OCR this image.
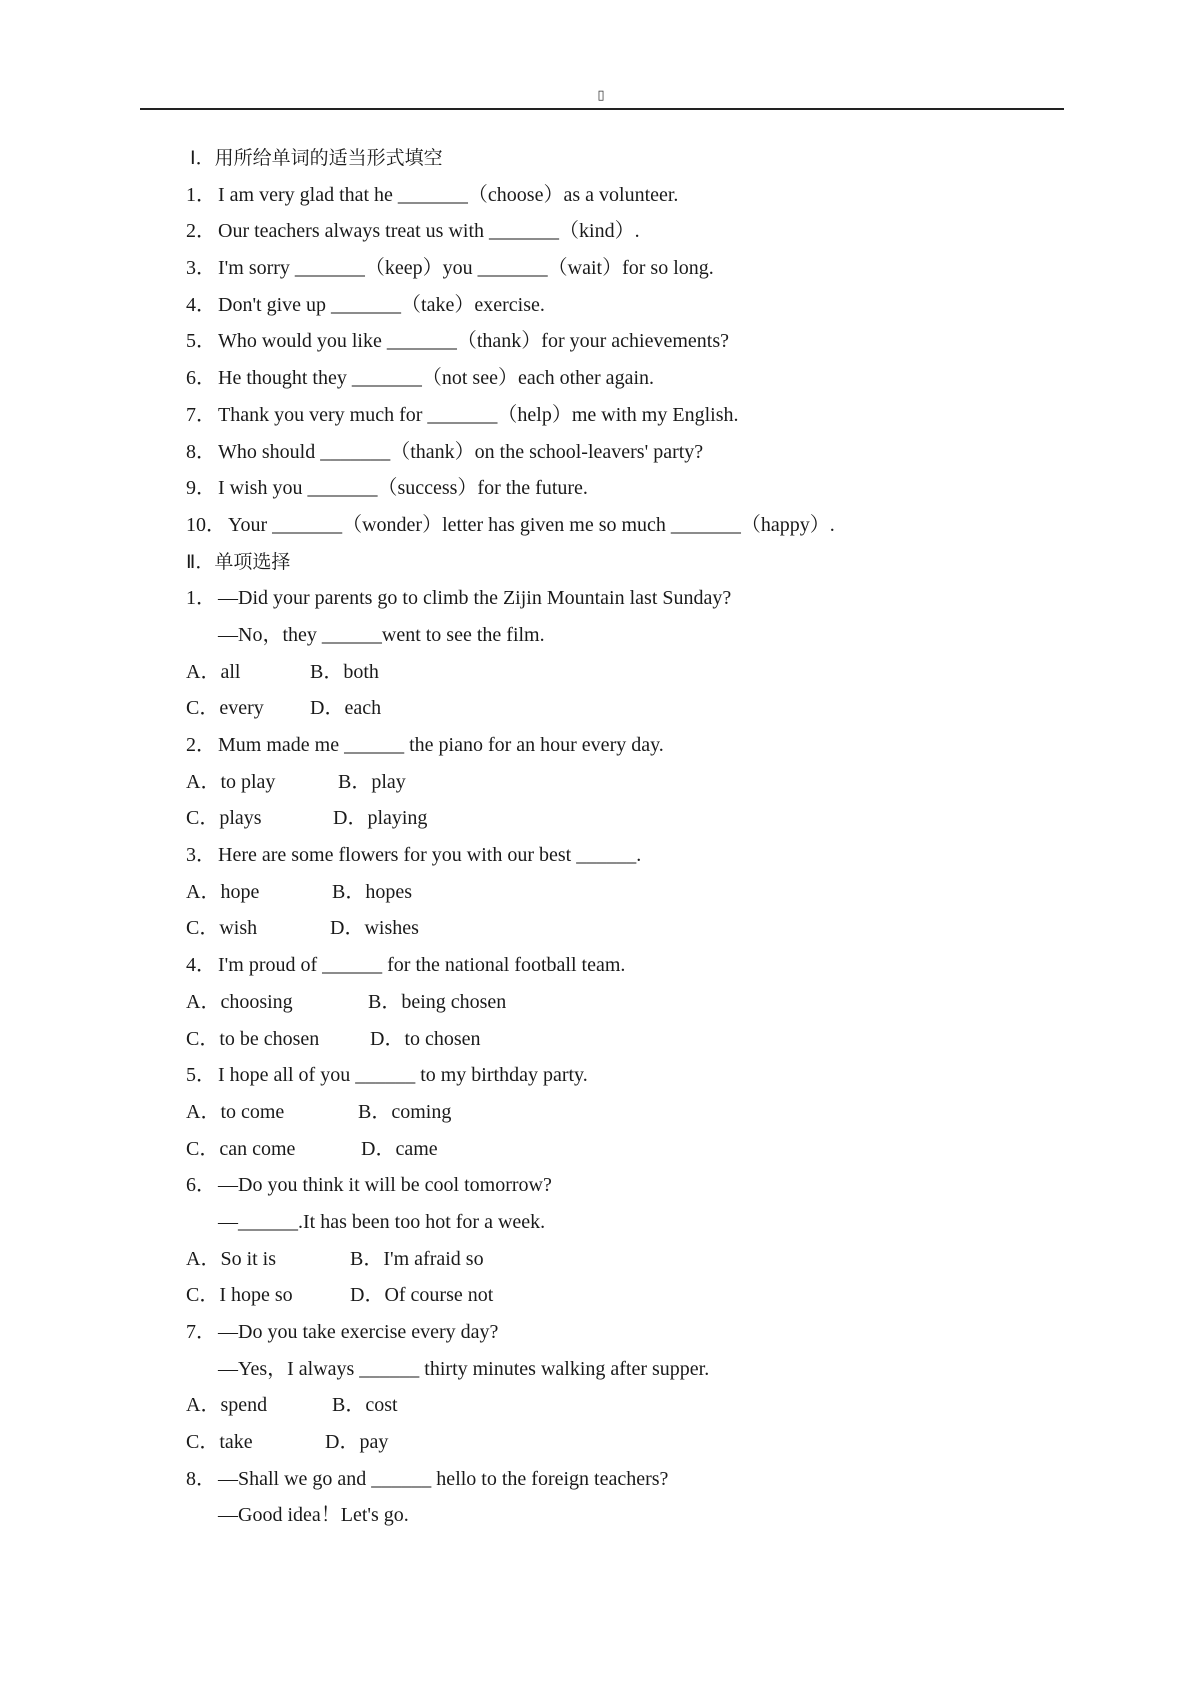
▯
Ⅰ．用所给单词的适当形式填空
1． I am very glad that he _______（choose）as a volunteer.
2． Our teachers always treat us with _______（kind）.
3． I'm sorry _______（keep）you _______（wait）for so long.
4． Don't give up _______（take）exercise.
5． Who would you like _______（thank）for your achievements?
6． He thought they _______（not see）each other again.
7． Thank you very much for _______（help）me with my English.
8． Who should _______（thank）on the school-leavers' party?
9． I wish you _______（success）for the future.
10． Your _______（wonder）letter has given me so much _______（happy）.
Ⅱ．单项选择
1． —Did your parents go to climb the Zijin Mountain last Sunday?
—No，they ______went to see the film.
A．all	B．both
C．every D．each
2． Mum made me ______ the piano for an hour every day.
A．to play	B．play
C．plays	D．playing
3． Here are some flowers for you with our best ______.
A．hope	B．hopes
C．wish	D．wishes
4． I'm proud of ______ for the national football team.
A．choosing	B．being chosen
C．to be chosen	D．to chosen
5． I hope all of you ______ to my birthday party.
A．to come	B．coming
C．can come	D．came
6． —Do you think it will be cool tomorrow?
—______.It has been too hot for a week.
A．So it is	B．I'm afraid so
C．I hope so	D．Of course not
7． —Do you take exercise every day?
—Yes，I always ______ thirty minutes walking after supper.
A．spend	B．cost
C．take	D．pay
8． —Shall we go and ______ hello to the foreign teachers?
—Good idea！Let's go.
